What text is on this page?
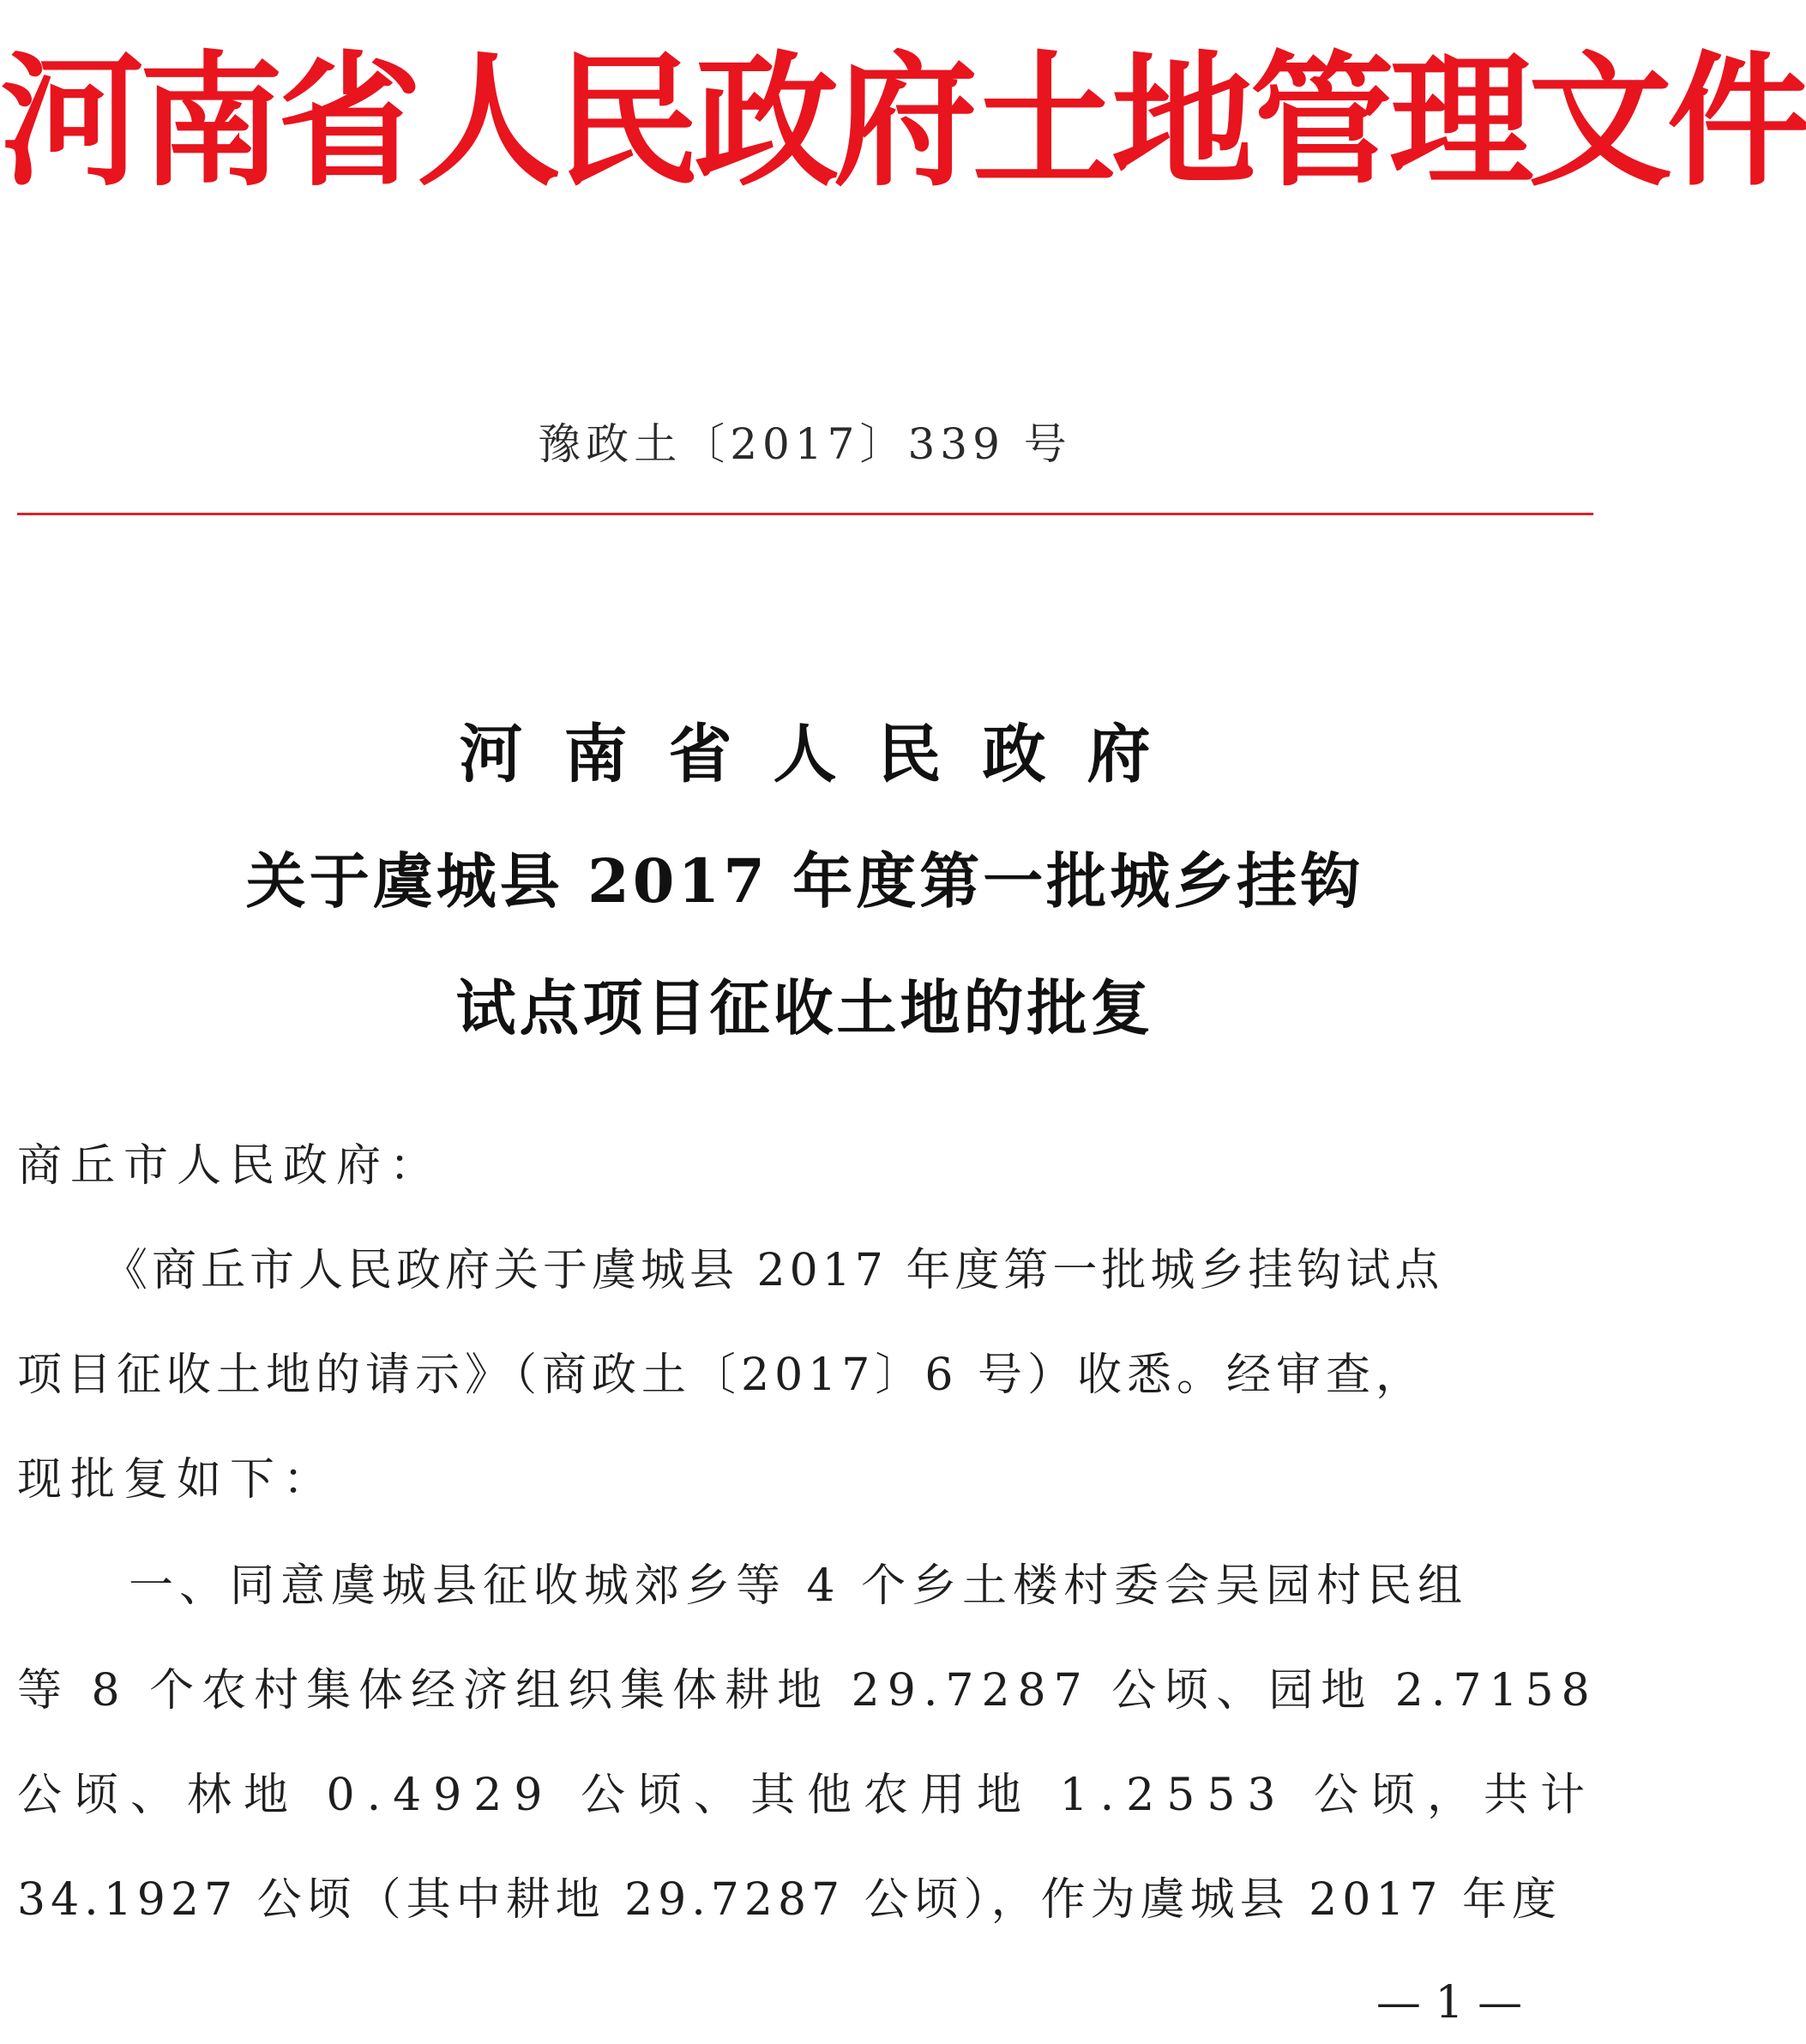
河南省人民政府土地管理文件
豫政土〔2017〕339 号
河南省人民政府
关于虞城县 2017 年度第一批城乡挂钩
试点项目征收土地的批复
商丘市人民政府：
《商丘市人民政府关于虞城县 2017 年度第一批城乡挂钩试点
项目征收土地的请示》（商政土〔2017〕6 号）收悉。经审查，
现批复如下：
一、同意虞城县征收城郊乡等 4 个乡土楼村委会吴园村民组
等 8 个农村集体经济组织集体耕地 29.7287 公顷、园地 2.7158
公顷、林地 0.4929 公顷、其他农用地 1.2553 公顷，共计
34.1927 公顷（其中耕地 29.7287 公顷），作为虞城县 2017 年度
— 1 —
